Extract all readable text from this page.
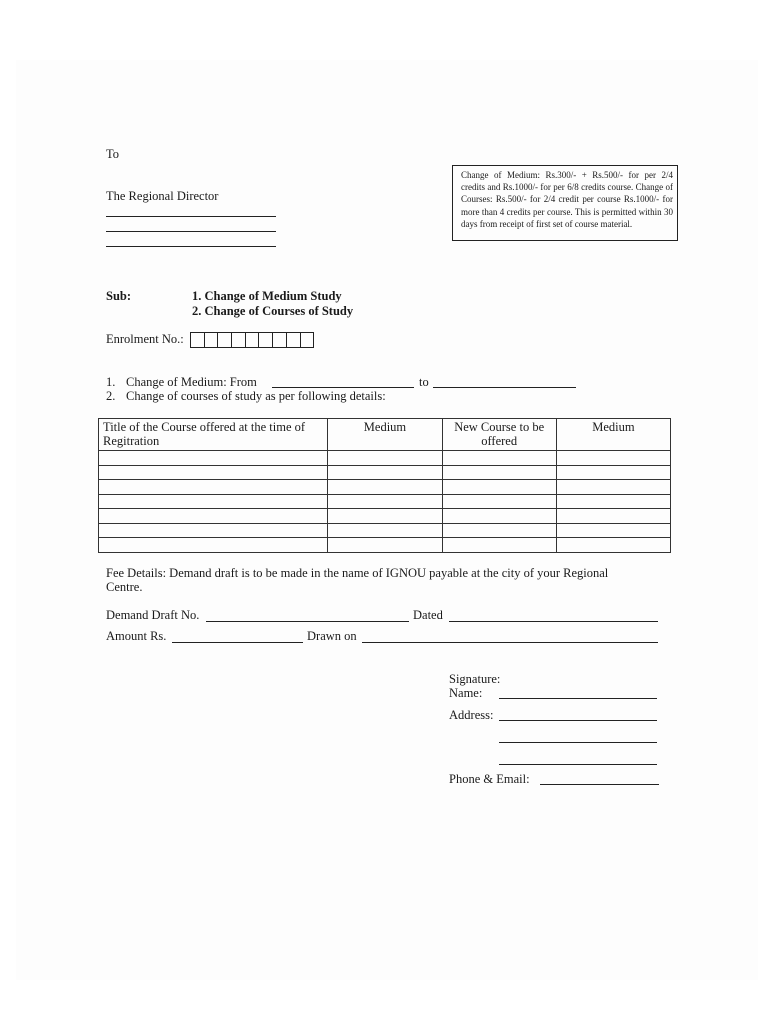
To
The Regional Director
Change of Medium: Rs.300/- + Rs.500/- for per 2/4 credits and Rs.1000/- for per 6/8 credits course. Change of Courses: Rs.500/- for 2/4 credit per course Rs.1000/- for more than 4 credits per course. This is permitted within 30 days from receipt of first set of course material.
Sub:	1. Change of Medium Study
2. Change of Courses of Study
Enrolment No.:
1. Change of Medium: From	to
2. Change of courses of study as per following details:
Title of the Course offered at the time of Regitration	Medium	New Course to be offered	Medium

Fee Details: Demand draft is to be made in the name of IGNOU payable at the city of your Regional Centre.
Demand Draft No.	Dated
Amount Rs.	Drawn on
Signature:
Name:
Address:
Phone & Email:
